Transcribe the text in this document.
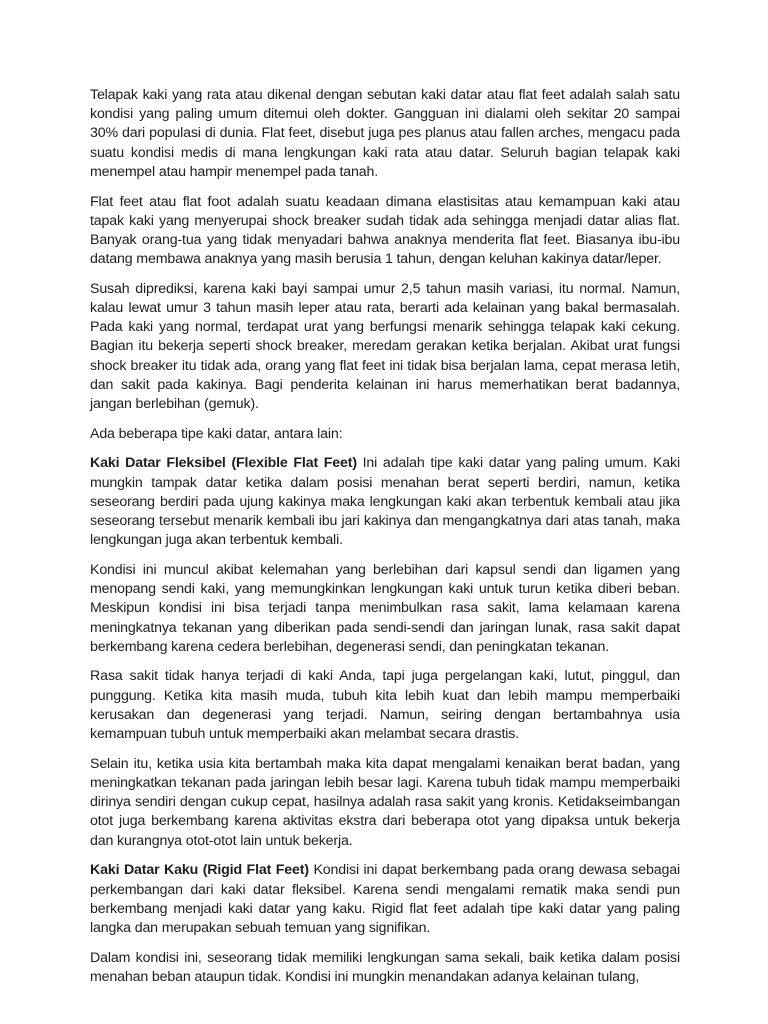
Telapak kaki yang rata atau dikenal dengan sebutan kaki datar atau flat feet adalah salah satu kondisi yang paling umum ditemui oleh dokter. Gangguan ini dialami oleh sekitar 20 sampai 30% dari populasi di dunia. Flat feet, disebut juga pes planus atau fallen arches, mengacu pada suatu kondisi medis di mana lengkungan kaki rata atau datar. Seluruh bagian telapak kaki menempel atau hampir menempel pada tanah.

Flat feet atau flat foot adalah suatu keadaan dimana elastisitas atau kemampuan kaki atau tapak kaki yang menyerupai shock breaker sudah tidak ada sehingga menjadi datar alias flat. Banyak orang-tua yang tidak menyadari bahwa anaknya menderita flat feet. Biasanya ibu-ibu datang membawa anaknya yang masih berusia 1 tahun, dengan keluhan kakinya datar/leper.

Susah diprediksi, karena kaki bayi sampai umur 2,5 tahun masih variasi, itu normal. Namun, kalau lewat umur 3 tahun masih leper atau rata, berarti ada kelainan yang bakal bermasalah. Pada kaki yang normal, terdapat urat yang berfungsi menarik sehingga telapak kaki cekung. Bagian itu bekerja seperti shock breaker, meredam gerakan ketika berjalan. Akibat urat fungsi shock breaker itu tidak ada, orang yang flat feet ini tidak bisa berjalan lama, cepat merasa letih, dan sakit pada kakinya. Bagi penderita kelainan ini harus memerhatikan berat badannya, jangan berlebihan (gemuk).

Ada beberapa tipe kaki datar, antara lain:

Kaki Datar Fleksibel (Flexible Flat Feet) Ini adalah tipe kaki datar yang paling umum. Kaki mungkin tampak datar ketika dalam posisi menahan berat seperti berdiri, namun, ketika seseorang berdiri pada ujung kakinya maka lengkungan kaki akan terbentuk kembali atau jika seseorang tersebut menarik kembali ibu jari kakinya dan mengangkatnya dari atas tanah, maka lengkungan juga akan terbentuk kembali.

Kondisi ini muncul akibat kelemahan yang berlebihan dari kapsul sendi dan ligamen yang menopang sendi kaki, yang memungkinkan lengkungan kaki untuk turun ketika diberi beban. Meskipun kondisi ini bisa terjadi tanpa menimbulkan rasa sakit, lama kelamaan karena meningkatnya tekanan yang diberikan pada sendi-sendi dan jaringan lunak, rasa sakit dapat berkembang karena cedera berlebihan, degenerasi sendi, dan peningkatan tekanan.

Rasa sakit tidak hanya terjadi di kaki Anda, tapi juga pergelangan kaki, lutut, pinggul, dan punggung. Ketika kita masih muda, tubuh kita lebih kuat dan lebih mampu memperbaiki kerusakan dan degenerasi yang terjadi. Namun, seiring dengan bertambahnya usia kemampuan tubuh untuk memperbaiki akan melambat secara drastis.

Selain itu, ketika usia kita bertambah maka kita dapat mengalami kenaikan berat badan, yang meningkatkan tekanan pada jaringan lebih besar lagi. Karena tubuh tidak mampu memperbaiki dirinya sendiri dengan cukup cepat, hasilnya adalah rasa sakit yang kronis. Ketidakseimbangan otot juga berkembang karena aktivitas ekstra dari beberapa otot yang dipaksa untuk bekerja dan kurangnya otot-otot lain untuk bekerja.

Kaki Datar Kaku (Rigid Flat Feet) Kondisi ini dapat berkembang pada orang dewasa sebagai perkembangan dari kaki datar fleksibel. Karena sendi mengalami rematik maka sendi pun berkembang menjadi kaki datar yang kaku. Rigid flat feet adalah tipe kaki datar yang paling langka dan merupakan sebuah temuan yang signifikan.

Dalam kondisi ini, seseorang tidak memiliki lengkungan sama sekali, baik ketika dalam posisi menahan beban ataupun tidak. Kondisi ini mungkin menandakan adanya kelainan tulang,
